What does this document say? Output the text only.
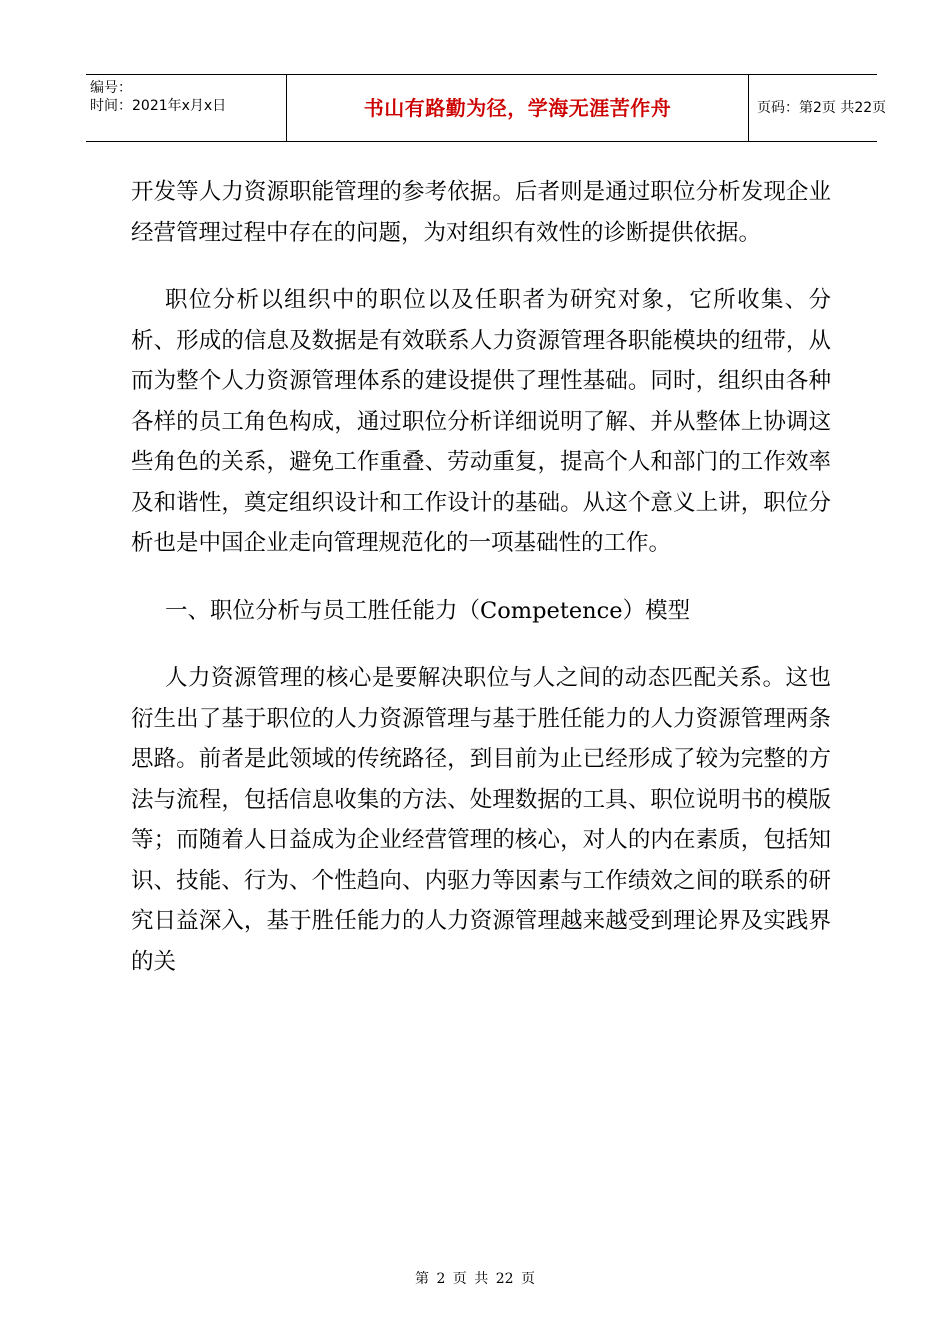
编号：
时间：2021年x月x日	书山有路勤为径，学海无涯苦作舟	页码：第2页 共22页

开发等人力资源职能管理的参考依据。后者则是通过职位分析发现企业经营管理过程中存在的问题，为对组织有效性的诊断提供依据。

职位分析以组织中的职位以及任职者为研究对象，它所收集、分析、形成的信息及数据是有效联系人力资源管理各职能模块的纽带，从而为整个人力资源管理体系的建设提供了理性基础。同时，组织由各种各样的员工角色构成，通过职位分析详细说明了解、并从整体上协调这些角色的关系，避免工作重叠、劳动重复，提高个人和部门的工作效率及和谐性，奠定组织设计和工作设计的基础。从这个意义上讲，职位分析也是中国企业走向管理规范化的一项基础性的工作。

一、职位分析与员工胜任能力（Competence）模型

人力资源管理的核心是要解决职位与人之间的动态匹配关系。这也衍生出了基于职位的人力资源管理与基于胜任能力的人力资源管理两条思路。前者是此领域的传统路径，到目前为止已经形成了较为完整的方法与流程，包括信息收集的方法、处理数据的工具、职位说明书的模版等；而随着人日益成为企业经营管理的核心，对人的内在素质，包括知识、技能、行为、个性趋向、内驱力等因素与工作绩效之间的联系的研究日益深入，基于胜任能力的人力资源管理越来越受到理论界及实践界的关

第 2 页 共 22 页
